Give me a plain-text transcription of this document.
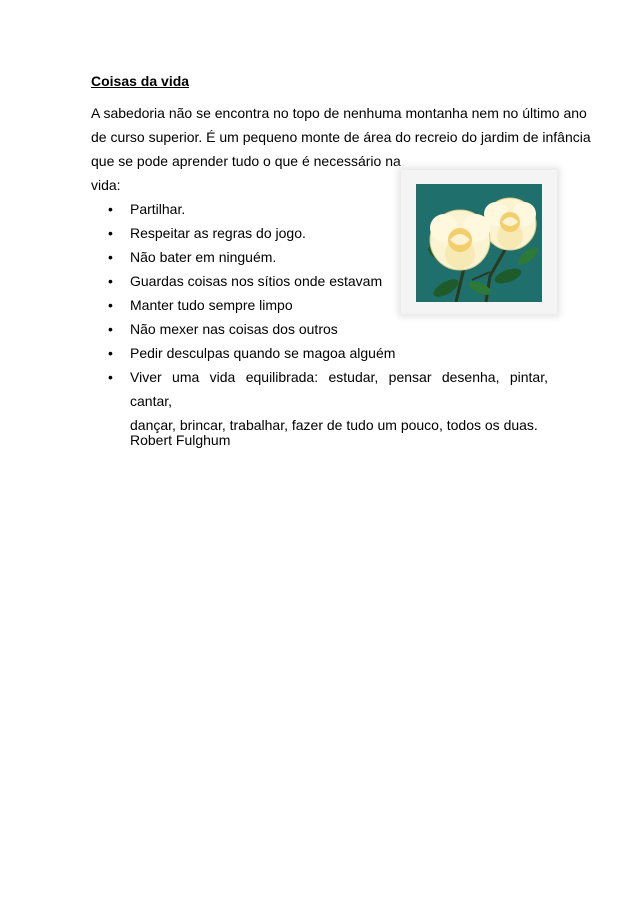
Coisas da vida
A sabedoria não se encontra no topo de nenhuma montanha nem no último ano
de curso superior. É um pequeno monte de área do recreio do jardim de infância
que se pode aprender tudo o que é necessário na
vida:
• Partilhar.
• Respeitar as regras do jogo.
• Não bater em ninguém.
• Guardas coisas nos sítios onde estavam
• Manter tudo sempre limpo
• Não mexer nas coisas dos outros
• Pedir desculpas quando se magoa alguém
• Viver uma vida equilibrada: estudar, pensar desenha, pintar, cantar,
dançar, brincar, trabalhar, fazer de tudo um pouco, todos os duas.
Robert Fulghum
